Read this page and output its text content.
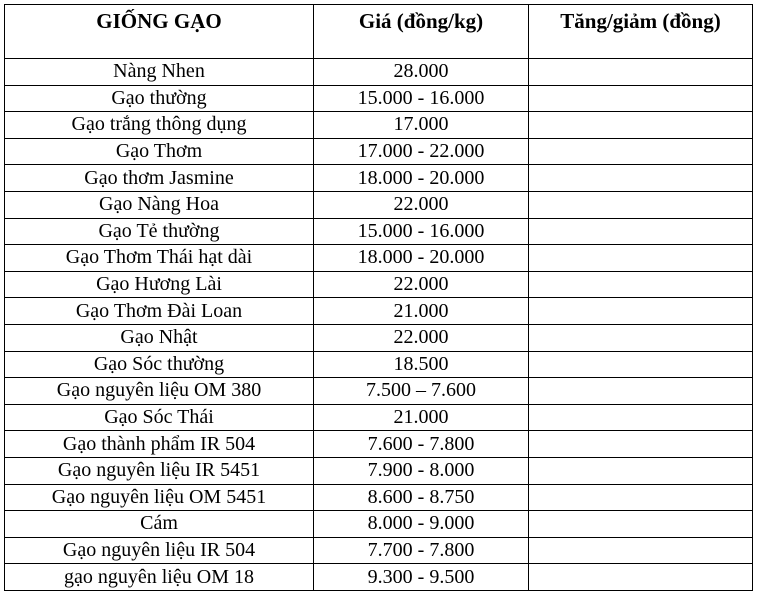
GIỐNG GẠO	Giá (đồng/kg)	Tăng/giảm (đồng)
Nàng Nhen	28.000	
Gạo thường	15.000 - 16.000	
Gạo trắng thông dụng	17.000	
Gạo Thơm	17.000 - 22.000	
Gạo thơm Jasmine	18.000 - 20.000	
Gạo Nàng Hoa	22.000	
Gạo Tẻ thường	15.000 - 16.000	
Gạo Thơm Thái hạt dài	18.000 - 20.000	
Gạo Hương Lài	22.000	
Gạo Thơm Đài Loan	21.000	
Gạo Nhật	22.000	
Gạo Sóc thường	18.500	
Gạo nguyên liệu OM 380	7.500 – 7.600	
Gạo Sóc Thái	21.000	
Gạo thành phẩm IR 504	7.600 - 7.800	
Gạo nguyên liệu IR 5451	7.900 - 8.000	
Gạo nguyên liệu OM 5451	8.600 - 8.750	
Cám	8.000 - 9.000	
Gạo nguyên liệu IR 504	7.700 - 7.800	
gạo nguyên liệu OM 18	9.300 - 9.500	
